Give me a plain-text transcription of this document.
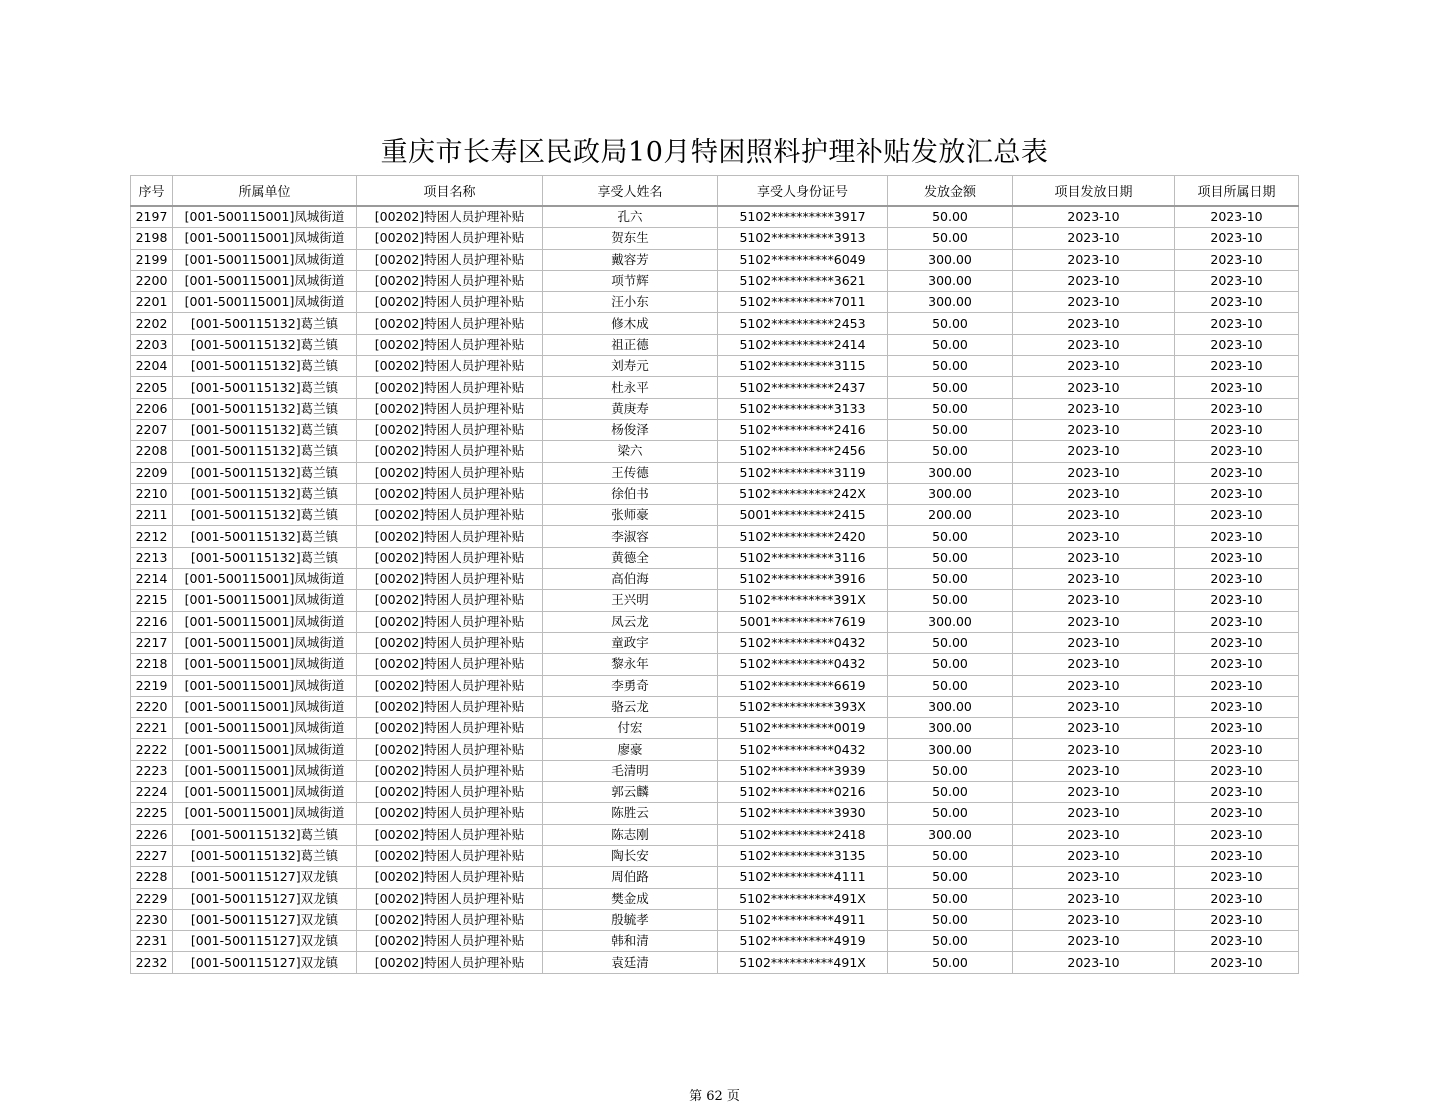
重庆市长寿区民政局10月特困照料护理补贴发放汇总表
序号	所属单位	项目名称	享受人姓名	享受人身份证号	发放金额	项目发放日期	项目所属日期
2197	[001-500115001]凤城街道	[00202]特困人员护理补贴	孔六	5102**********3917	50.00	2023-10	2023-10
2198	[001-500115001]凤城街道	[00202]特困人员护理补贴	贺东生	5102**********3913	50.00	2023-10	2023-10
2199	[001-500115001]凤城街道	[00202]特困人员护理补贴	戴容芳	5102**********6049	300.00	2023-10	2023-10
2200	[001-500115001]凤城街道	[00202]特困人员护理补贴	项节辉	5102**********3621	300.00	2023-10	2023-10
2201	[001-500115001]凤城街道	[00202]特困人员护理补贴	汪小东	5102**********7011	300.00	2023-10	2023-10
2202	[001-500115132]葛兰镇	[00202]特困人员护理补贴	修木成	5102**********2453	50.00	2023-10	2023-10
2203	[001-500115132]葛兰镇	[00202]特困人员护理补贴	祖正德	5102**********2414	50.00	2023-10	2023-10
2204	[001-500115132]葛兰镇	[00202]特困人员护理补贴	刘寿元	5102**********3115	50.00	2023-10	2023-10
2205	[001-500115132]葛兰镇	[00202]特困人员护理补贴	杜永平	5102**********2437	50.00	2023-10	2023-10
2206	[001-500115132]葛兰镇	[00202]特困人员护理补贴	黄庚寿	5102**********3133	50.00	2023-10	2023-10
2207	[001-500115132]葛兰镇	[00202]特困人员护理补贴	杨俊泽	5102**********2416	50.00	2023-10	2023-10
2208	[001-500115132]葛兰镇	[00202]特困人员护理补贴	梁六	5102**********2456	50.00	2023-10	2023-10
2209	[001-500115132]葛兰镇	[00202]特困人员护理补贴	王传德	5102**********3119	300.00	2023-10	2023-10
2210	[001-500115132]葛兰镇	[00202]特困人员护理补贴	徐伯书	5102**********242X	300.00	2023-10	2023-10
2211	[001-500115132]葛兰镇	[00202]特困人员护理补贴	张师豪	5001**********2415	200.00	2023-10	2023-10
2212	[001-500115132]葛兰镇	[00202]特困人员护理补贴	李淑容	5102**********2420	50.00	2023-10	2023-10
2213	[001-500115132]葛兰镇	[00202]特困人员护理补贴	黄德全	5102**********3116	50.00	2023-10	2023-10
2214	[001-500115001]凤城街道	[00202]特困人员护理补贴	高伯海	5102**********3916	50.00	2023-10	2023-10
2215	[001-500115001]凤城街道	[00202]特困人员护理补贴	王兴明	5102**********391X	50.00	2023-10	2023-10
2216	[001-500115001]凤城街道	[00202]特困人员护理补贴	凤云龙	5001**********7619	300.00	2023-10	2023-10
2217	[001-500115001]凤城街道	[00202]特困人员护理补贴	童政宇	5102**********0432	50.00	2023-10	2023-10
2218	[001-500115001]凤城街道	[00202]特困人员护理补贴	黎永年	5102**********0432	50.00	2023-10	2023-10
2219	[001-500115001]凤城街道	[00202]特困人员护理补贴	李勇奇	5102**********6619	50.00	2023-10	2023-10
2220	[001-500115001]凤城街道	[00202]特困人员护理补贴	骆云龙	5102**********393X	300.00	2023-10	2023-10
2221	[001-500115001]凤城街道	[00202]特困人员护理补贴	付宏	5102**********0019	300.00	2023-10	2023-10
2222	[001-500115001]凤城街道	[00202]特困人员护理补贴	廖豪	5102**********0432	300.00	2023-10	2023-10
2223	[001-500115001]凤城街道	[00202]特困人员护理补贴	毛清明	5102**********3939	50.00	2023-10	2023-10
2224	[001-500115001]凤城街道	[00202]特困人员护理补贴	郭云麟	5102**********0216	50.00	2023-10	2023-10
2225	[001-500115001]凤城街道	[00202]特困人员护理补贴	陈胜云	5102**********3930	50.00	2023-10	2023-10
2226	[001-500115132]葛兰镇	[00202]特困人员护理补贴	陈志刚	5102**********2418	300.00	2023-10	2023-10
2227	[001-500115132]葛兰镇	[00202]特困人员护理补贴	陶长安	5102**********3135	50.00	2023-10	2023-10
2228	[001-500115127]双龙镇	[00202]特困人员护理补贴	周伯路	5102**********4111	50.00	2023-10	2023-10
2229	[001-500115127]双龙镇	[00202]特困人员护理补贴	樊金成	5102**********491X	50.00	2023-10	2023-10
2230	[001-500115127]双龙镇	[00202]特困人员护理补贴	殷毓孝	5102**********4911	50.00	2023-10	2023-10
2231	[001-500115127]双龙镇	[00202]特困人员护理补贴	韩和清	5102**********4919	50.00	2023-10	2023-10
2232	[001-500115127]双龙镇	[00202]特困人员护理补贴	袁廷清	5102**********491X	50.00	2023-10	2023-10
第 62 页
